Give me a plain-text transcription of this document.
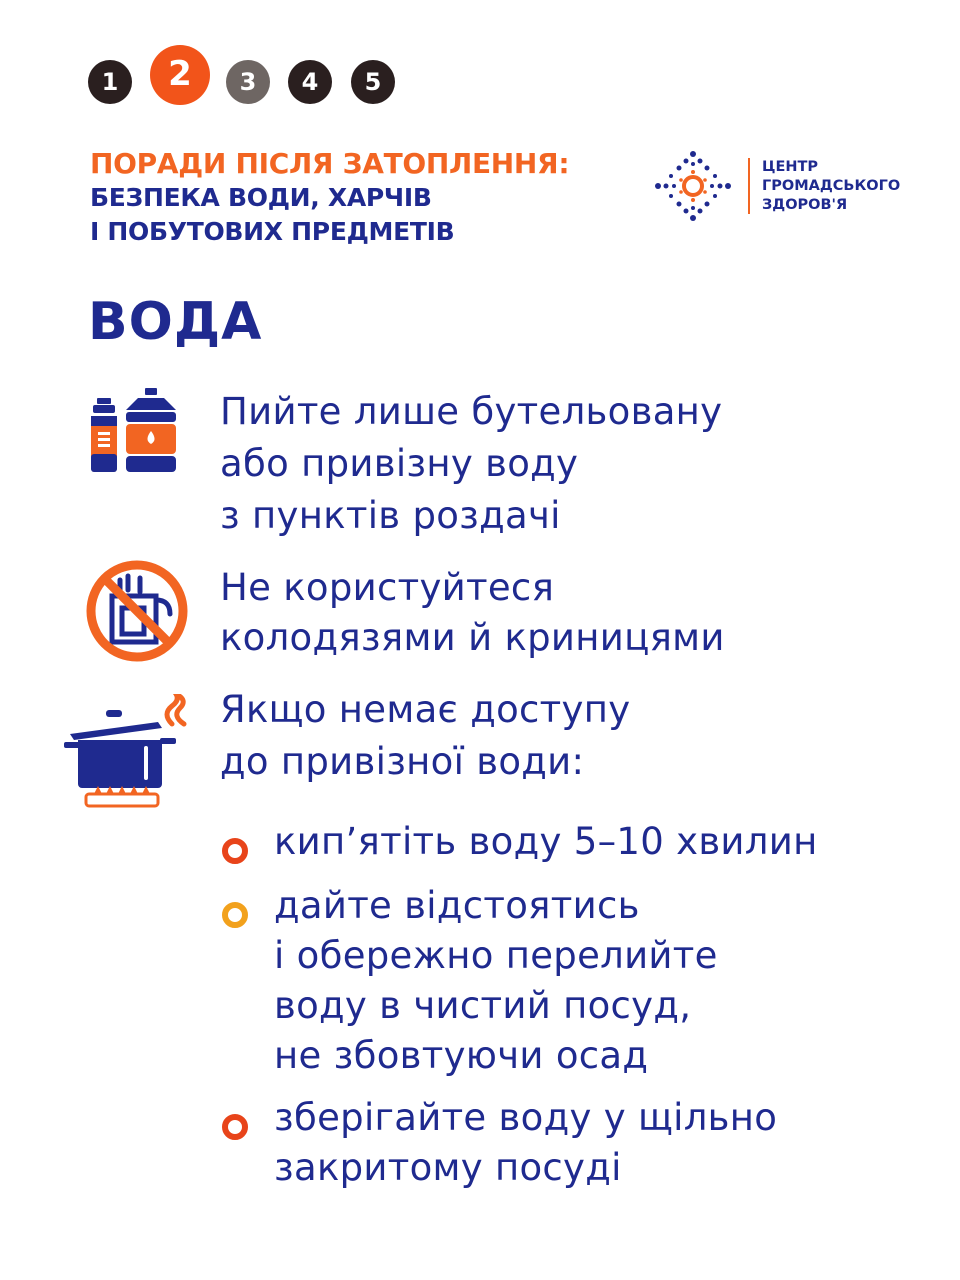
1	2	3	4	5
ПОРАДИ ПІСЛЯ ЗАТОПЛЕННЯ:
БЕЗПЕКА ВОДИ, ХАРЧІВ
І ПОБУТОВИХ ПРЕДМЕТІВ
ЦЕНТР
ГРОМАДСЬКОГО
ЗДОРОВ'Я
ВОДА
Пийте лише бутельовану
або привізну воду
з пунктів роздачі
Не користуйтеся
колодязями й криницями
Якщо немає доступу
до привізної води:
кип’ятіть воду 5–10 хвилин
дайте відстоятись
і обережно перелийте
воду в чистий посуд,
не збовтуючи осад
зберігайте воду у щільно
закритому посуді
